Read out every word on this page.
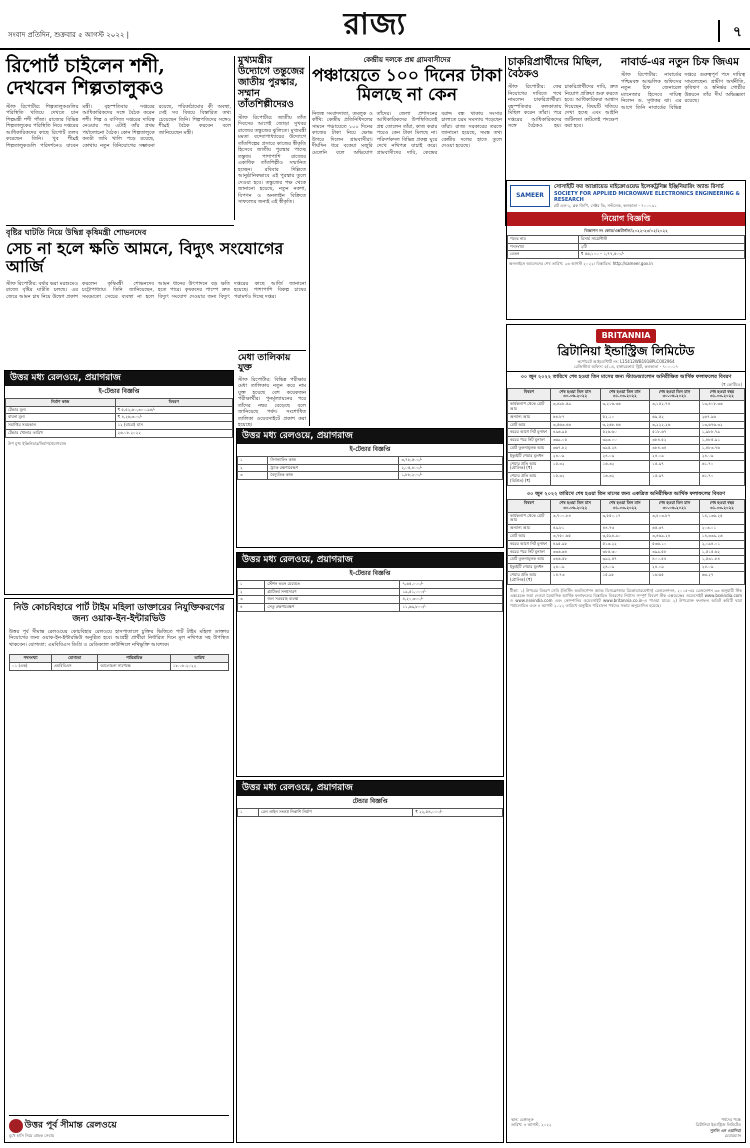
সংবাদ প্রতিদিন, শুক্রবার ৫ আগস্ট ২০২২ |	রাজ্য	৭
রিপোর্ট চাইলেন শশী, দেখবেন শিল্পতালুকও
স্টাফ রিপোর্টার: শিল্পতালুকগুলির পরিস্থিতি খতিয়ে দেখতে চান শিল্পমন্ত্রী শশী পাঁজা। রাজ্যের বিভিন্ন শিল্পতালুকের পরিস্থিতি নিয়ে দপ্তরের আধিকারিকদের কাছে রিপোর্ট তলব করেছেন তিনি। খুব শীঘ্রই শিল্পতালুকগুলি পরিদর্শনেও যাবেন মন্ত্রী। বৃহস্পতিবার দপ্তরের আধিকারিকদের সঙ্গে বৈঠক করেন শশী। শিল্প ও বাণিজ্য দপ্তরের দায়িত্ব নেওয়ার পর এটাই তাঁর প্রথম পর্যালোচনা বৈঠক। কোন শিল্পতালুকে কতটা জমি খালি পড়ে রয়েছে, কোথায় নতুন বিনিয়োগের সম্ভাবনা রয়েছে, পরিকাঠামোর কী অবস্থা, সেই সব বিষয়ে বিস্তারিত তথ্য চেয়েছেন তিনি। শিল্পপতিদের সঙ্গেও শীঘ্রই বৈঠক করবেন বলে জানিয়েছেন মন্ত্রী।
মুখ্যমন্ত্রীর উদ্যোগে তন্তুজের জাতীয় পুরস্কার, সম্মান তাঁতশিল্পীদেরও
স্টাফ রিপোর্টার: জাতীয় তাঁত দিবসের আগেই জোড়া সুখবর রাজ্যের তন্তুজের ঝুলিতে। মুখ্যমন্ত্রী মমতা বন্দ্যোপাধ্যায়ের উদ্যোগে তাঁতশিল্পের প্রসারে কাজের স্বীকৃতি হিসেবে জাতীয় পুরস্কার পাচ্ছে তন্তুজ। পাশাপাশি রাজ্যের একাধিক তাঁতশিল্পীও সম্মানিত হচ্ছেন। রবিবার দিল্লিতে আনুষ্ঠানিকভাবে এই পুরস্কার তুলে দেওয়া হবে। তন্তুজের পক্ষ থেকে জানানো হয়েছে, নতুন নকশা, বিপণন ও অনলাইন বিক্রিতে সাফল্যের জন্যই এই স্বীকৃতি।
কেন্দ্রীয় দলকে প্রশ্ন গ্রামবাসীদের
পঞ্চায়েতে ১০০ দিনের টাকা মিলছে না কেন
নিজস্ব সংবাদদাতা, তমলুক ও কাঁথি: কেন্দ্রীয় প্রতিনিধিদলের সামনে পঞ্চায়েতে ১০০ দিনের কাজের টাকা নিয়ে ক্ষোভ উগরে দিলেন গ্রামবাসীরা। দীর্ঘদিন ধরে বকেয়া মজুরি মেলেনি বলে অভিযোগ তাঁদের। জেলা প্রশাসনের আধিকারিকদের উপস্থিতিতেই প্রশ্ন তোলেন তাঁরা, কাজ করার পরেও কেন টাকা মিলছে না। পরিদর্শকদল বিভিন্ন প্রকল্প ঘুরে দেখে নথিপত্র যাচাই করে। গ্রামবাসীদের দাবি, কেন্দ্রের বরাদ্দ বন্ধ থাকায় সংসার চালাতে চরম সমস্যায় পড়েছেন তাঁরা। রাজ্য সরকারের তরফে জানানো হয়েছে, সমস্ত তথ্য কেন্দ্রীয় দলের হাতে তুলে দেওয়া হয়েছে।
চাকরিপ্রার্থীদের মিছিল, বৈঠকও
স্টাফ রিপোর্টার: ফের নিয়োগের দাবিতে পথে নামলেন চাকরিপ্রার্থীরা। বৃহস্পতিবার কলকাতায় মিছিল করেন তাঁরা। পরে দপ্তরের আধিকারিকদের সঙ্গে বৈঠকও হয়। চাকরিপ্রার্থীদের দাবি, দ্রুত নিয়োগ প্রক্রিয়া শুরু করতে হবে। আধিকারিকরা আশ্বাস দিয়েছেন, বিষয়টি খতিয়ে দেখা হচ্ছে এবং আইনি জটিলতা কাটলেই পদক্ষেপ করা হবে।
নাবার্ড-এর নতুন চিফ জিএম
স্টাফ রিপোর্টার: নাবার্ডের পশ্চিমবঙ্গ আঞ্চলিক অফিসের নতুন চিফ জেনারেল ম্যানেজার হিসেবে দায়িত্ব নিলেন ড. সুধাকর ঝা। এর আগে তিনি নাবার্ডের বিভিন্ন দপ্তরে গুরুত্বপূর্ণ পদে দায়িত্ব সামলেছেন। গ্রামীণ অর্থনীতি, কৃষিঋণ ও স্বনির্ভর গোষ্ঠীর উন্নয়নে তাঁর দীর্ঘ অভিজ্ঞতা রয়েছে।
বৃষ্টির ঘাটতি নিয়ে উদ্বিগ্ন কৃষিমন্ত্রী শোভনদেব
সেচ না হলে ক্ষতি আমনে, বিদ্যুৎ সংযোগের আর্জি
স্টাফ রিপোর্টার: বর্ষার ভরা মরশুমেও রাজ্যে বৃষ্টির ঘাটতি চলছে। এর জেরে আমন চাষ নিয়ে উদ্বেগ প্রকাশ করলেন কৃষিমন্ত্রী শোভনদেব চট্টোপাধ্যায়। তিনি জানিয়েছেন, সময়মতো সেচের ব্যবস্থা না হলে আমন ধানের উৎপাদনে বড় ক্ষতি হতে পারে। কৃষকদের পাম্পে দ্রুত বিদ্যুৎ সংযোগ দেওয়ার জন্য বিদ্যুৎ দপ্তরের কাছে আর্জি জানানো হয়েছে। পাশাপাশি বিকল্প চাষের পরামর্শও দিচ্ছে দপ্তর।
মেধা তালিকায় যুক্ত
স্টাফ রিপোর্টার: বিভিন্ন পরীক্ষার মেধা তালিকায় নতুন করে নাম যুক্ত হয়েছে বেশ কয়েকজন পরীক্ষার্থীর। পুনর্মূল্যায়নের পরে তাঁদের নম্বর বেড়েছে বলে জানিয়েছে পর্ষদ। সংশোধিত তালিকা ওয়েবসাইটে প্রকাশ করা হয়েছে।
উত্তর মধ্য রেলওয়ে, প্রয়াগরাজ
ই-টেন্ডার বিজ্ঞপ্তি
নির্মাণ কাজ	বিবরণ
টেন্ডার মূল্য	₹ ৫,৫২,৬০,৩০০.৯৪/-
বায়না মূল্য	₹ ৪,২৬,৩০০/-
সমাপ্তির সময়কাল	১২ (বারো) মাস
টেন্ডার খোলার তারিখ	২৬.০৮.২০২২
উপ মুখ্য ইঞ্জিনিয়ার/নির্মাণ/প্রয়াগরাজ
উত্তর মধ্য রেলওয়ে, প্রয়াগরাজ
ই-টেন্ডার বিজ্ঞপ্তি
১	সিগন্যালিং কাজ	৩,৭৮,৫০০/-
২	ট্র্যাক রক্ষণাবেক্ষণ	২,০৫,৪০০/-
৩	বৈদ্যুতিক কাজ	১,৮৮,২০০/-
উত্তর মধ্য রেলওয়ে, প্রয়াগরাজ
ই-টেন্ডার বিজ্ঞপ্তি
১	স্টেশন ভবন মেরামত	৭,৬৫,০০০/-
২	প্ল্যাটফর্ম সম্প্রসারণ	১৯,৫১,০০০/-
৩	জল সরবরাহ ব্যবস্থা	৪,২০,৩০০/-
৪	সেতু রক্ষণাবেক্ষণ	১১,৬৯,৮০০/-
নিউ কোচবিহারে পার্ট টাইম মহিলা ডাক্তারের নিযুক্তিকরণের জন্য ওয়াক-ইন-ইন্টারভিউ
উত্তর পূর্ব সীমান্ত রেলওয়ের কোচবিহার রেলওয়ে হাসপাতালে চুক্তির ভিত্তিতে পার্ট টাইম মহিলা ডাক্তার নিয়োগের জন্য ওয়াক-ইন-ইন্টারভিউ অনুষ্ঠিত হবে। আগ্রহী প্রার্থীরা নির্ধারিত দিনে মূল নথিপত্র সহ উপস্থিত থাকবেন। যোগ্যতা: এমবিবিএস ডিগ্রি ও মেডিক্যাল কাউন্সিলে নথিভুক্তি আবশ্যক।
পদসংখ্যা	যোগ্যতা	পারিশ্রমিক	তারিখ
০১ (এক)	এমবিবিএস	আলোচনা সাপেক্ষে	১৮.০৮.২০২২
উত্তর পূর্ব সীমান্ত রেলওয়ে
মুখে হাসি নিয়ে গ্রাহক সেবায়
উত্তর মধ্য রেলওয়ে, প্রয়াগরাজ
টেন্ডার বিজ্ঞপ্তি
১	রেল লাইন সংলগ্ন নিকাশি নির্মাণ	₹ ২২,৫৪,০০০/-
SAMEER
সোসাইটি ফর অ্যাপ্লায়েড মাইক্রোওয়েভ ইলেকট্রনিক্স ইঞ্জিনিয়ারিং অ্যান্ড রিসার্চ
SOCIETY FOR APPLIED MICROWAVE ELECTRONICS ENGINEERING & RESEARCH
প্লট এল-২, ব্লক জিপি, সেক্টর ভি, সল্টলেক, কলকাতা - ৭০০০৯১
নিয়োগ বিজ্ঞপ্তি
বিজ্ঞাপন নং কোড/এক্সটার্নাল/২০২২-২৩/০২/২০২২
পদের নাম	রিসার্চ সায়েন্টিস্ট
পদসংখ্যা	২টি
বেতন	₹ ৫৬,১০০ – ১,৭৭,৫০০/-
অনলাইনে আবেদনের শেষ তারিখ: ২৬ আগস্ট ২০২২। বিস্তারিত: http://sameer.gov.in
BRITANNIA
ব্রিটানিয়া ইন্ডাস্ট্রিজ লিমিটেড
কর্পোরেট আইডেন্টিটি নং: L15412WB1918PLC002964
রেজিস্টার্ড অফিস: ৫/১এ, হাঙ্গারফোর্ড স্ট্রিট, কলকাতা - ৭০০০১৭
৩০ জুন ২০২২ তারিখে শেষ হওয়া তিন মাসের জন্য স্ট্যান্ডঅ্যালোন অনিরীক্ষিত আর্থিক ফলাফলের বিবরণ
(₹ কোটিতে)
বিবরণ	শেষ হওয়া তিন মাস ৩০.০৬.২০২২	শেষ হওয়া তিন মাস ৩১.০৩.২০২২	শেষ হওয়া তিন মাস ৩০.০৬.২০২১	শেষ হওয়া বছর ৩১.০৩.২০২২
কার্যকলাপ থেকে মোট আয়	৩,৪৯৮.৫৯	৩,২১৬.৩৬	৩,১৫২.৭৪	১৩,৪০৮.৩৬
অন্যান্য আয়	৬৪.৮৭	৫২.১০	৬৯.৫২	২৬৭.৯৬
মোট আয়	৩,৫৬৩.৪৬	৩,২৬৮.৪৬	৩,২২২.২৬	১৩,৬৭৬.৩২
করের আগে নিট মুনাফা	৪৯৬.৯৫	৫২৬.৬০	৫১৮.৬৭	১,৯৮৮.৭৯
করের পরে নিট মুনাফা	৩৬৯.০৫	৩৯৩.০০	৩৮৪.৫২	১,৪৮৫.৯১
মোট তুলনামূলক আয়	৩৬৭.৮২	৩৯৫.২৪	৩৮৪.৩৪	১,৪৮৩.৭৬
ইক্যুইটি শেয়ার মূলধন	২৪.০৯	২৪.০৯	২৪.০৯	২৪.০৯
শেয়ার প্রতি আয় (মৌলিক) (₹)	১৫.৩২	১৬.৩২	১৫.৯৭	৬১.৭০
শেয়ার প্রতি আয় (মিশ্রিত) (₹)	১৫.৩২	১৬.৩২	১৫.৯৭	৬১.৭০
৩০ জুন ২০২২ তারিখে শেষ হওয়া তিন মাসের জন্য একত্রিত অনিরীক্ষিত আর্থিক ফলাফলের বিবরণ
বিবরণ	শেষ হওয়া তিন মাস ৩০.০৬.২০২২	শেষ হওয়া তিন মাস ৩১.০৩.২০২২	শেষ হওয়া তিন মাস ৩০.০৬.২০২১	শেষ হওয়া বছর ৩১.০৩.২০২২
কার্যকলাপ থেকে মোট আয়	৩,৭০০.৮৪	৩,৫৫০.১৭	৩,৪০৩.৮৭	১৪,১৩৬.২৫
অন্যান্য আয়	৪৯.৮১	৪৪.৭৩	৬৫.৩৭	২০৩.০১
মোট আয়	৩,৭৫০.৬৫	৩,৫৯৪.৯০	৩,৪৬৯.২৪	১৪,৩৩৯.২৬
করের আগে নিট মুনাফা	৪৯৫.৯৮	৫১৩.২২	৫৩৬.১০	২,০৯৪.০১
করের পরে নিট মুনাফা	৩৩৬.৬৪	৩৮৫.৩০	৩৯৯.৫৮	১,৫১৫.৬২
মোট তুলনামূলক আয়	৩৪৬.৫৮	৩৯২.৫৭	৪০০.৫৪	১,৫৩১.৮৪
ইক্যুইটি শেয়ার মূলধন	২৪.০৯	২৪.০৯	২৪.০৯	২৪.০৯
শেয়ার প্রতি আয় (মৌলিক) (₹)	১৪.৭৩	১৫.৯৮	১৬.৬৫	৬৩.২৭
টীকা: ১) উপরের বিবরণ সেবি (লিস্টিং অবলিগেশন অ্যান্ড ডিসক্লোজার রিকোয়্যারমেন্টস) রেগুলেশনস, ২০১৫-এর রেগুলেশন ৩৩ অনুযায়ী স্টক এক্সচেঞ্জে জমা দেওয়া ত্রৈমাসিক আর্থিক ফলাফলের বিস্তারিত বিবরণের নির্যাস। সম্পূর্ণ বিবরণ স্টক এক্সচেঞ্জের ওয়েবসাইট www.bseindia.com ও www.nseindia.com এবং কোম্পানির ওয়েবসাইট www.britannia.co.in-এ পাওয়া যাবে। ২) উপরোক্ত ফলাফল অডিট কমিটি দ্বারা পর্যালোচিত এবং ৪ আগস্ট ২০২২ তারিখে অনুষ্ঠিত পরিচালন পর্ষদের সভায় অনুমোদিত হয়েছে।
স্থান: বেঙ্গালুরু
তারিখ: ৪ আগস্ট, ২০২২
পর্ষদের পক্ষে
ব্রিটানিয়া ইন্ডাস্ট্রিজ লিমিটেড
নুসলি এন ওয়াদিয়া
চেয়ারম্যান
